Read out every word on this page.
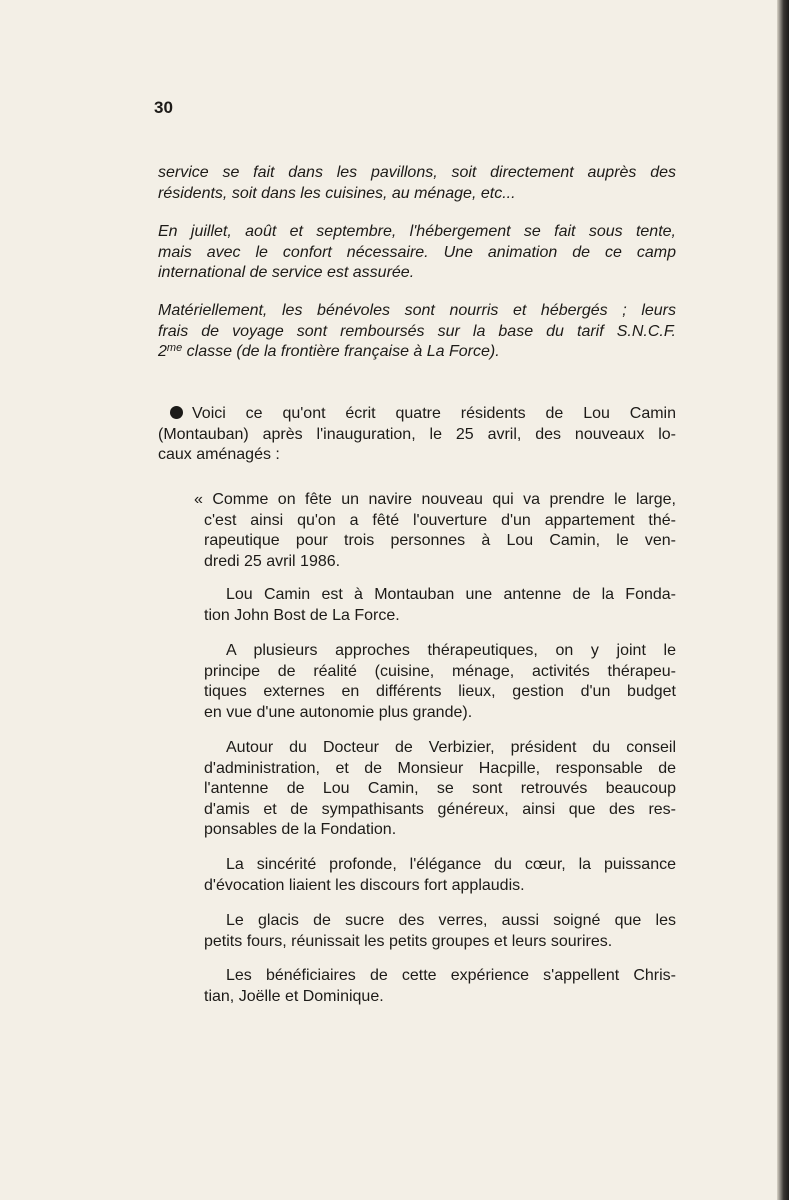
30

service se fait dans les pavillons, soit directement auprès des
résidents, soit dans les cuisines, au ménage, etc...

En juillet, août et septembre, l'hébergement se fait sous tente,
mais avec le confort nécessaire. Une animation de ce camp
international de service est assurée.

Matériellement, les bénévoles sont nourris et hébergés ; leurs
frais de voyage sont remboursés sur la base du tarif S.N.C.F.
$2^{me}$ classe (de la frontière française à La Force).

Voici ce qu'ont écrit quatre résidents de Lou Camin
(Montauban) après l'inauguration, le 25 avril, des nouveaux lo-
caux aménagés :

« Comme on fête un navire nouveau qui va prendre le large,
c'est ainsi qu'on a fêté l'ouverture d'un appartement thé-
rapeutique pour trois personnes à Lou Camin, le ven-
dredi 25 avril 1986.

Lou Camin est à Montauban une antenne de la Fonda-
tion John Bost de La Force.

A plusieurs approches thérapeutiques, on y joint le
principe de réalité (cuisine, ménage, activités thérapeu-
tiques externes en différents lieux, gestion d'un budget
en vue d'une autonomie plus grande).

Autour du Docteur de Verbizier, président du conseil
d'administration, et de Monsieur Hacpille, responsable de
l'antenne de Lou Camin, se sont retrouvés beaucoup
d'amis et de sympathisants généreux, ainsi que des res-
ponsables de la Fondation.

La sincérité profonde, l'élégance du cœur, la puissance
d'évocation liaient les discours fort applaudis.

Le glacis de sucre des verres, aussi soigné que les
petits fours, réunissait les petits groupes et leurs sourires.

Les bénéficiaires de cette expérience s'appellent Chris-
tian, Joëlle et Dominique.
